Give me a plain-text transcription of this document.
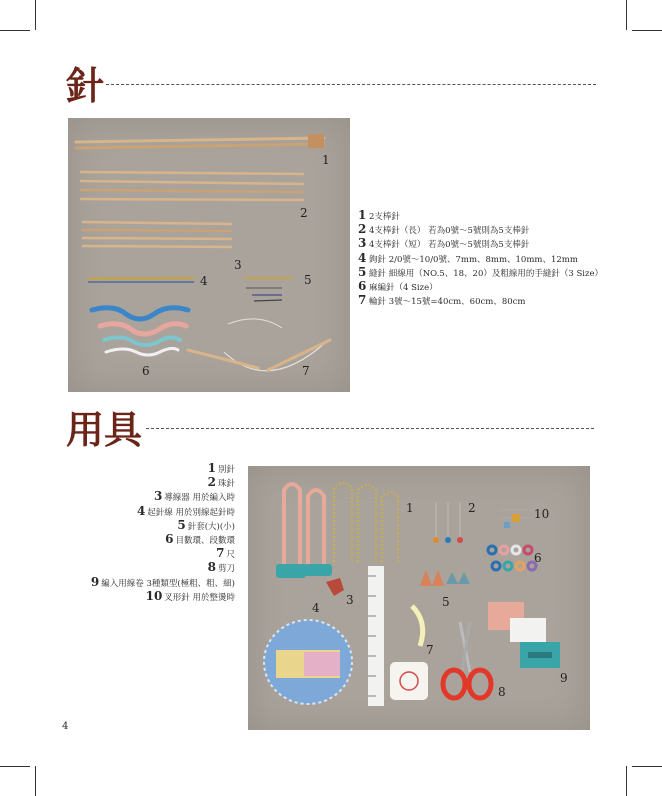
針
1
2
3
4	5
6	7
1 2支棒針
2 4支棒針（長） 若為0號～5號則為5支棒針
3 4支棒針（短） 若為0號～5號則為5支棒針
4 鉤針 2/0號～10/0號、7mm、8mm、10mm、12mm
5 縫針 細線用（NO.5、18、20）及粗線用的手縫針（3 Size）
6 麻編針（4 Size）
7 輪針 3號～15號=40cm、60cm、80cm
用具
1 別針
2 珠針
3 導線器 用於編入時
4 起針線 用於別線起針時
5 針套(大)(小)
6 目數環、段數環
7 尺
8 剪刀
9 編入用線卷 3種類型(極粗、粗、細)
10 叉形針 用於整燙時
1	2
3
4	5
6
7
8
9
10
4
